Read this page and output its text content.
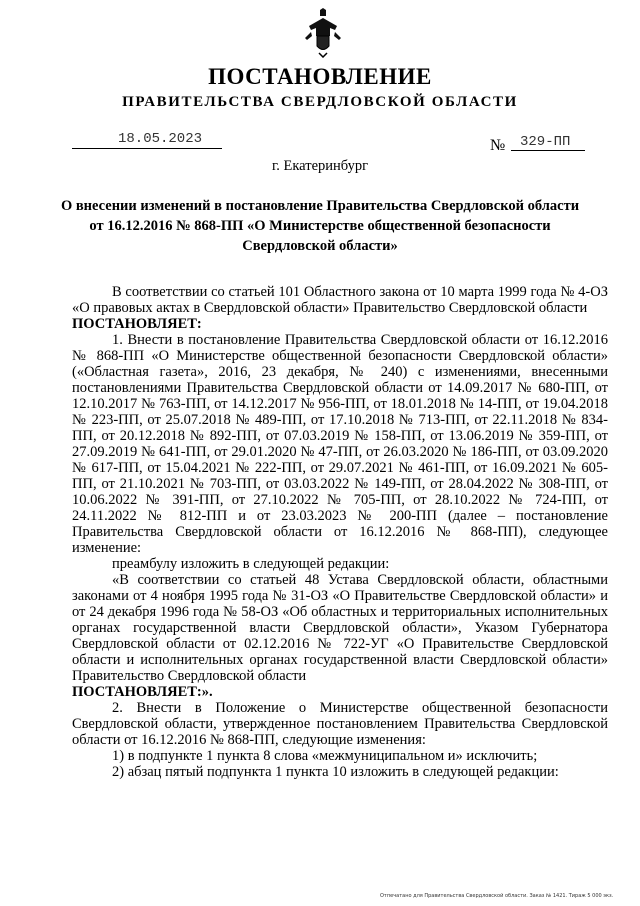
ПОСТАНОВЛЕНИЕ
ПРАВИТЕЛЬСТВА СВЕРДЛОВСКОЙ ОБЛАСТИ
18.05.2023	№ 329-ПП
г. Екатеринбург
О внесении изменений в постановление Правительства Свердловской области от 16.12.2016 № 868-ПП «О Министерстве общественной безопасности Свердловской области»

В соответствии со статьей 101 Областного закона от 10 марта 1999 года № 4-ОЗ «О правовых актах в Свердловской области» Правительство Свердловской области

ПОСТАНОВЛЯЕТ:

1. Внести в постановление Правительства Свердловской области от 16.12.2016 № 868-ПП «О Министерстве общественной безопасности Свердловской области» («Областная газета», 2016, 23 декабря, № 240) с изменениями, внесенными постановлениями Правительства Свердловской области от 14.09.2017 № 680-ПП, от 12.10.2017 № 763-ПП, от 14.12.2017 № 956-ПП, от 18.01.2018 № 14-ПП, от 19.04.2018 № 223-ПП, от 25.07.2018 № 489-ПП, от 17.10.2018 № 713-ПП, от 22.11.2018 № 834-ПП, от 20.12.2018 № 892-ПП, от 07.03.2019 № 158-ПП, от 13.06.2019 № 359-ПП, от 27.09.2019 № 641-ПП, от 29.01.2020 № 47-ПП, от 26.03.2020 № 186-ПП, от 03.09.2020 № 617-ПП, от 15.04.2021 № 222-ПП, от 29.07.2021 № 461-ПП, от 16.09.2021 № 605-ПП, от 21.10.2021 № 703-ПП, от 03.03.2022 № 149-ПП, от 28.04.2022 № 308-ПП, от 10.06.2022 № 391-ПП, от 27.10.2022 № 705-ПП, от 28.10.2022 № 724-ПП, от 24.11.2022 № 812-ПП и от 23.03.2023 № 200-ПП (далее – постановление Правительства Свердловской области от 16.12.2016 № 868-ПП), следующее изменение:

преамбулу изложить в следующей редакции:

«В соответствии со статьей 48 Устава Свердловской области, областными законами от 4 ноября 1995 года № 31-ОЗ «О Правительстве Свердловской области» и от 24 декабря 1996 года № 58-ОЗ «Об областных и территориальных исполнительных органах государственной власти Свердловской области», Указом Губернатора Свердловской области от 02.12.2016 № 722-УГ «О Правительстве Свердловской области и исполнительных органах государственной власти Свердловской области» Правительство Свердловской области

ПОСТАНОВЛЯЕТ:».

2. Внести в Положение о Министерстве общественной безопасности Свердловской области, утвержденное постановлением Правительства Свердловской области от 16.12.2016 № 868-ПП, следующие изменения:

1) в подпункте 1 пункта 8 слова «межмуниципальном и» исключить;

2) абзац пятый подпункта 1 пункта 10 изложить в следующей редакции:

Отпечатано для Правительства Свердловской области. Заказ № 1421. Тираж 5 000 экз.
